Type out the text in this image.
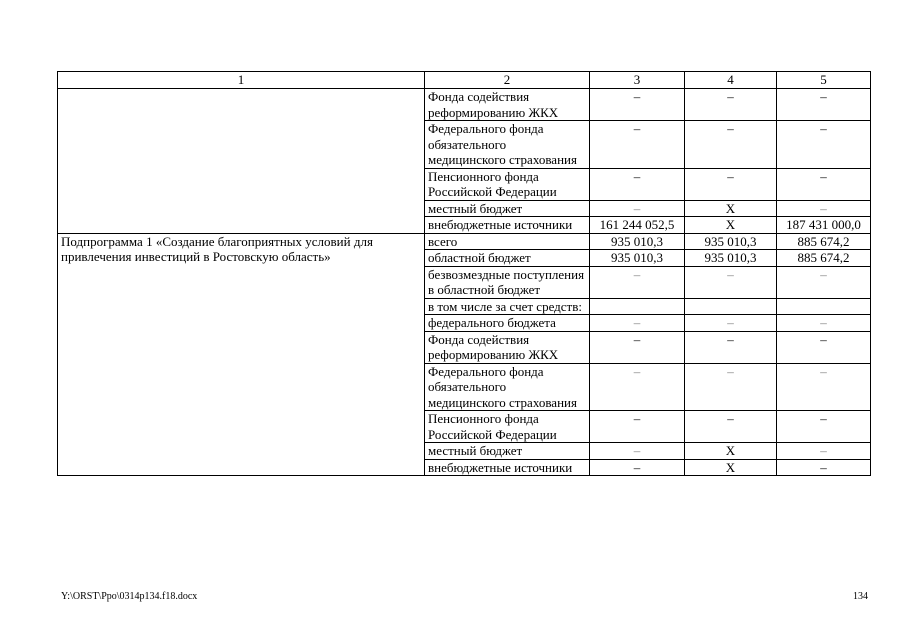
1	2	3	4	5
	Фонда содействия реформированию ЖКХ	–	–	–
	Федерального фонда обязательного медицинского страхования	–	–	–
	Пенсионного фонда Российской Федерации	–	–	–
	местный бюджет	–	Х	–
	внебюджетные источники	161 244 052,5	Х	187 431 000,0
Подпрограмма 1 «Создание благоприятных условий для привлечения инвестиций в Ростовскую область»	всего	935 010,3	935 010,3	885 674,2
	областной бюджет	935 010,3	935 010,3	885 674,2
	безвозмездные поступления в областной бюджет	–	–	–
	в том числе за счет средств:			
	федерального бюджета	–	–	–
	Фонда содействия реформированию ЖКХ	–	–	–
	Федерального фонда обязательного медицинского страхования	–	–	–
	Пенсионного фонда Российской Федерации	–	–	–
	местный бюджет	–	Х	–
	внебюджетные источники	–	Х	–
Y:\ORST\Ppo\0314p134.f18.docx	134
